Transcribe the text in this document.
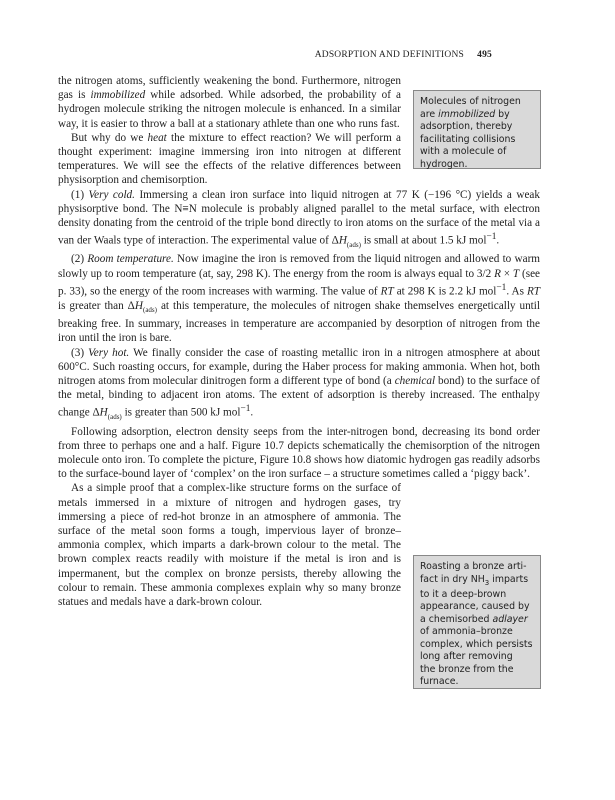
ADSORPTION AND DEFINITIONS 495
Molecules of nitrogen
are immobilized by
adsorption, thereby
facilitating collisions
with a molecule of
hydrogen.
Roasting a bronze arti-
fact in dry $NH_3$ imparts
to it a deep-brown
appearance, caused by
a chemisorbed adlayer
of ammonia–bronze
complex, which persists
long after removing
the bronze from the
furnace.

the nitrogen atoms, sufficiently weakening the bond. Furthermore, nitrogen gas is immobilized while adsorbed. While adsorbed, the probability of a hydrogen molecule striking the nitrogen molecule is enhanced. In a similar way, it is easier to throw a ball at a stationary athlete than one who runs fast.

But why do we heat the mixture to effect reaction? We will perform a thought experiment: imagine immersing iron into nitrogen at different temperatures. We will see the effects of the relative differences between physisorption and chemisorption.

(1) Very cold. Immersing a clean iron surface into liquid nitrogen at 77 K (−196 °C) yields a weak physisorptive bond. The N≡N molecule is probably aligned parallel to the metal surface, with electron density donating from the centroid of the triple bond directly to iron atoms on the surface of the metal via a van der Waals type of interaction. The experimental value of $\Delta H_{(ads)}$ is small at about 1.5 kJ mol$^{-1}$.

(2) Room temperature. Now imagine the iron is removed from the liquid nitrogen and allowed to warm slowly up to room temperature (at, say, 298 K). The energy from the room is always equal to 3/2 R × T (see p. 33), so the energy of the room increases with warming. The value of RT at 298 K is 2.2 kJ mol$^{-1}$. As RT is greater than $\Delta H_{(ads)}$ at this temperature, the molecules of nitrogen shake themselves energetically until breaking free. In summary, increases in temperature are accompanied by desorption of nitrogen from the iron until the iron is bare.

(3) Very hot. We finally consider the case of roasting metallic iron in a nitrogen atmosphere at about 600°C. Such roasting occurs, for example, during the Haber process for making ammonia. When hot, both nitrogen atoms from molecular dinitrogen form a different type of bond (a chemical bond) to the surface of the metal, binding to adjacent iron atoms. The extent of adsorption is thereby increased. The enthalpy change $\Delta H_{(ads)}$ is greater than 500 kJ mol$^{-1}$.

Following adsorption, electron density seeps from the inter-nitrogen bond, decreasing its bond order from three to perhaps one and a half. Figure 10.7 depicts schematically the chemisorption of the nitrogen molecule onto iron. To complete the picture, Figure 10.8 shows how diatomic hydrogen gas readily adsorbs to the surface-bound layer of ‘complex’ on the iron surface – a structure sometimes called a ‘piggy back’.

As a simple proof that a complex-like structure forms on the surface of metals immersed in a mixture of nitrogen and hydrogen gases, try immersing a piece of red-hot bronze in an atmosphere of ammonia. The surface of the metal soon forms a tough, impervious layer of bronze–ammonia complex, which imparts a dark-brown colour to the metal. The brown complex reacts readily with moisture if the metal is iron and is impermanent, but the complex on bronze persists, thereby allowing the colour to remain. These ammonia complexes explain why so many bronze statues and medals have a dark-brown colour.
